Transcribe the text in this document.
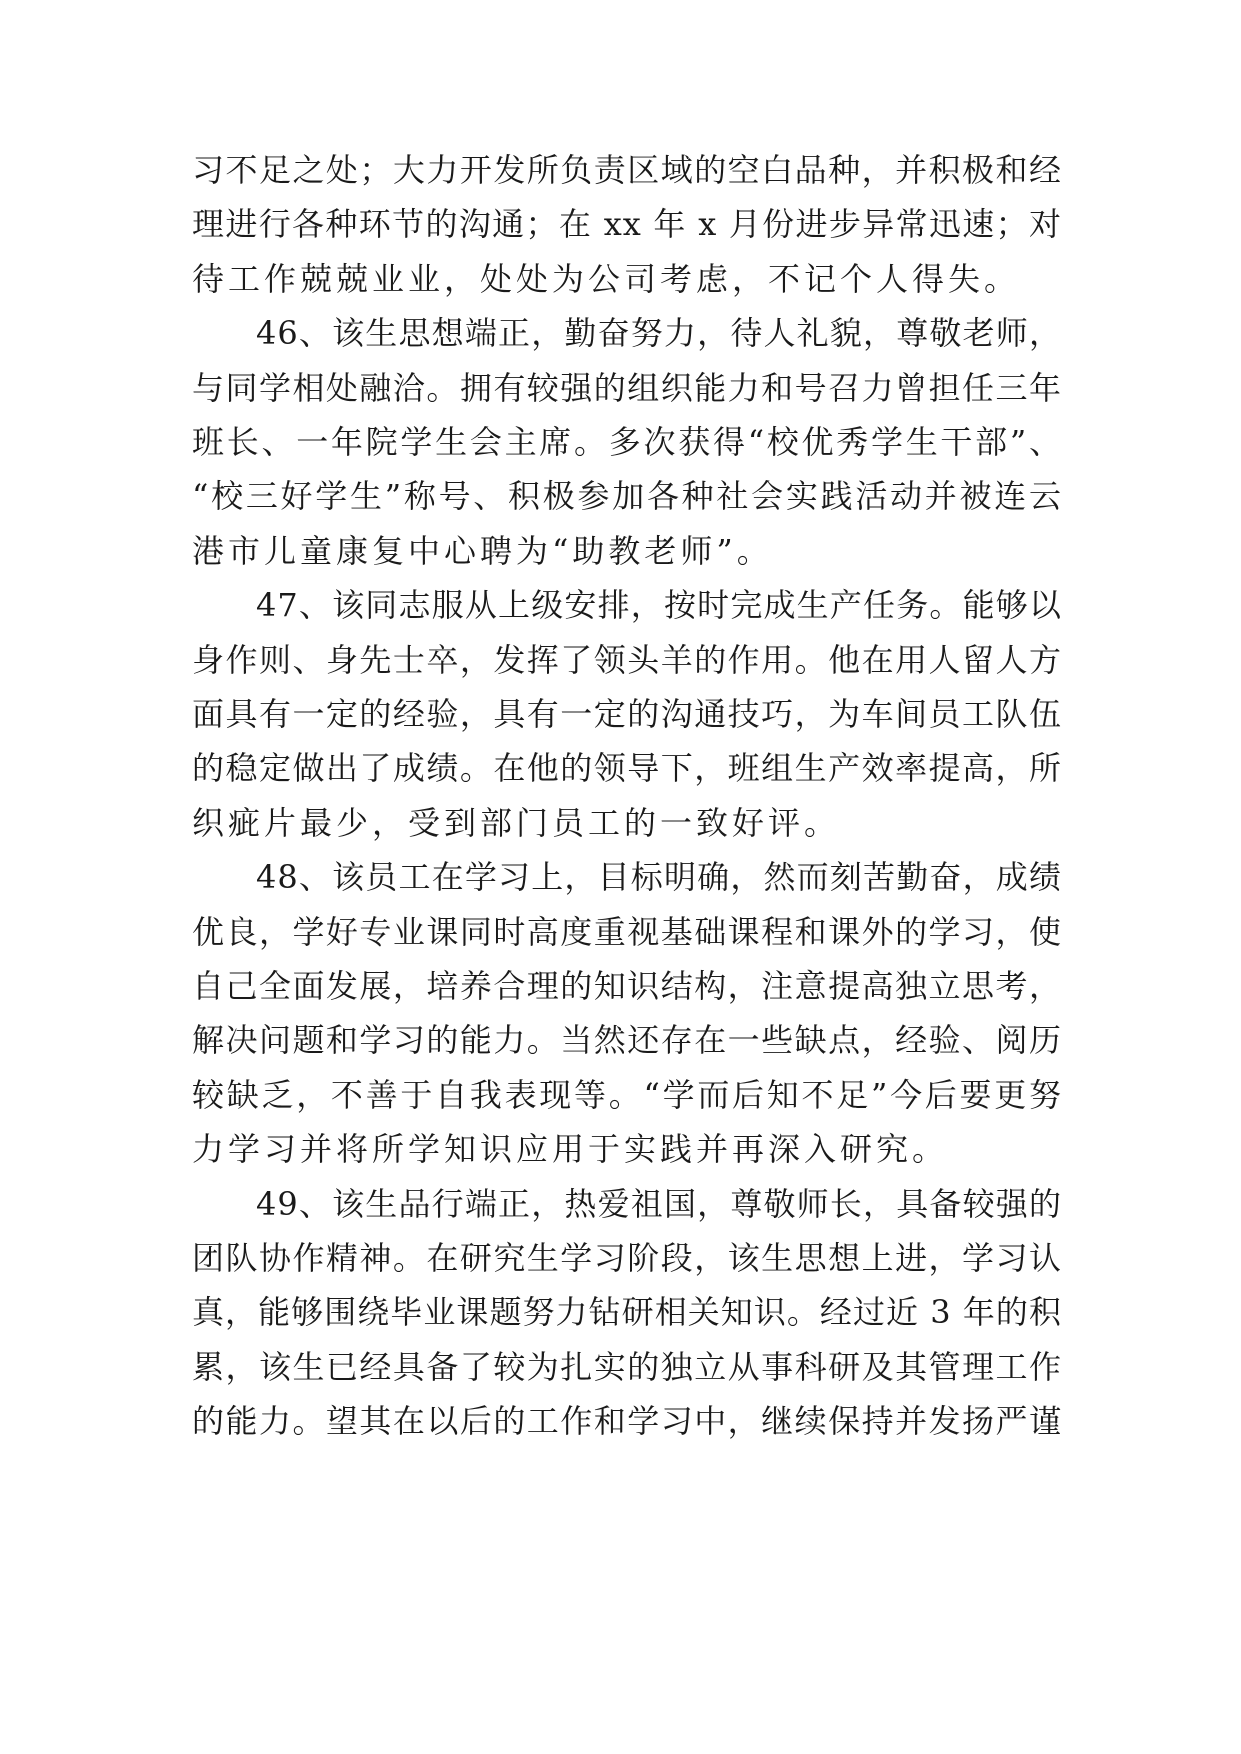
习不足之处；大力开发所负责区域的空白品种，并积极和经
理进行各种环节的沟通；在 xx 年 x 月份进步异常迅速；对
待工作兢兢业业，处处为公司考虑，不记个人得失。
46、该生思想端正，勤奋努力，待人礼貌，尊敬老师，
与同学相处融洽。拥有较强的组织能力和号召力曾担任三年
班长、一年院学生会主席。多次获得“校优秀学生干部”、
“校三好学生”称号、积极参加各种社会实践活动并被连云
港市儿童康复中心聘为“助教老师”。
47、该同志服从上级安排，按时完成生产任务。能够以
身作则、身先士卒，发挥了领头羊的作用。他在用人留人方
面具有一定的经验，具有一定的沟通技巧，为车间员工队伍
的稳定做出了成绩。在他的领导下，班组生产效率提高，所
织疵片最少，受到部门员工的一致好评。
48、该员工在学习上，目标明确，然而刻苦勤奋，成绩
优良，学好专业课同时高度重视基础课程和课外的学习，使
自己全面发展，培养合理的知识结构，注意提高独立思考，
解决问题和学习的能力。当然还存在一些缺点，经验、阅历
较缺乏，不善于自我表现等。“学而后知不足”今后要更努
力学习并将所学知识应用于实践并再深入研究。
49、该生品行端正，热爱祖国，尊敬师长，具备较强的
团队协作精神。在研究生学习阶段，该生思想上进，学习认
真，能够围绕毕业课题努力钻研相关知识。经过近 3 年的积
累，该生已经具备了较为扎实的独立从事科研及其管理工作
的能力。望其在以后的工作和学习中，继续保持并发扬严谨
